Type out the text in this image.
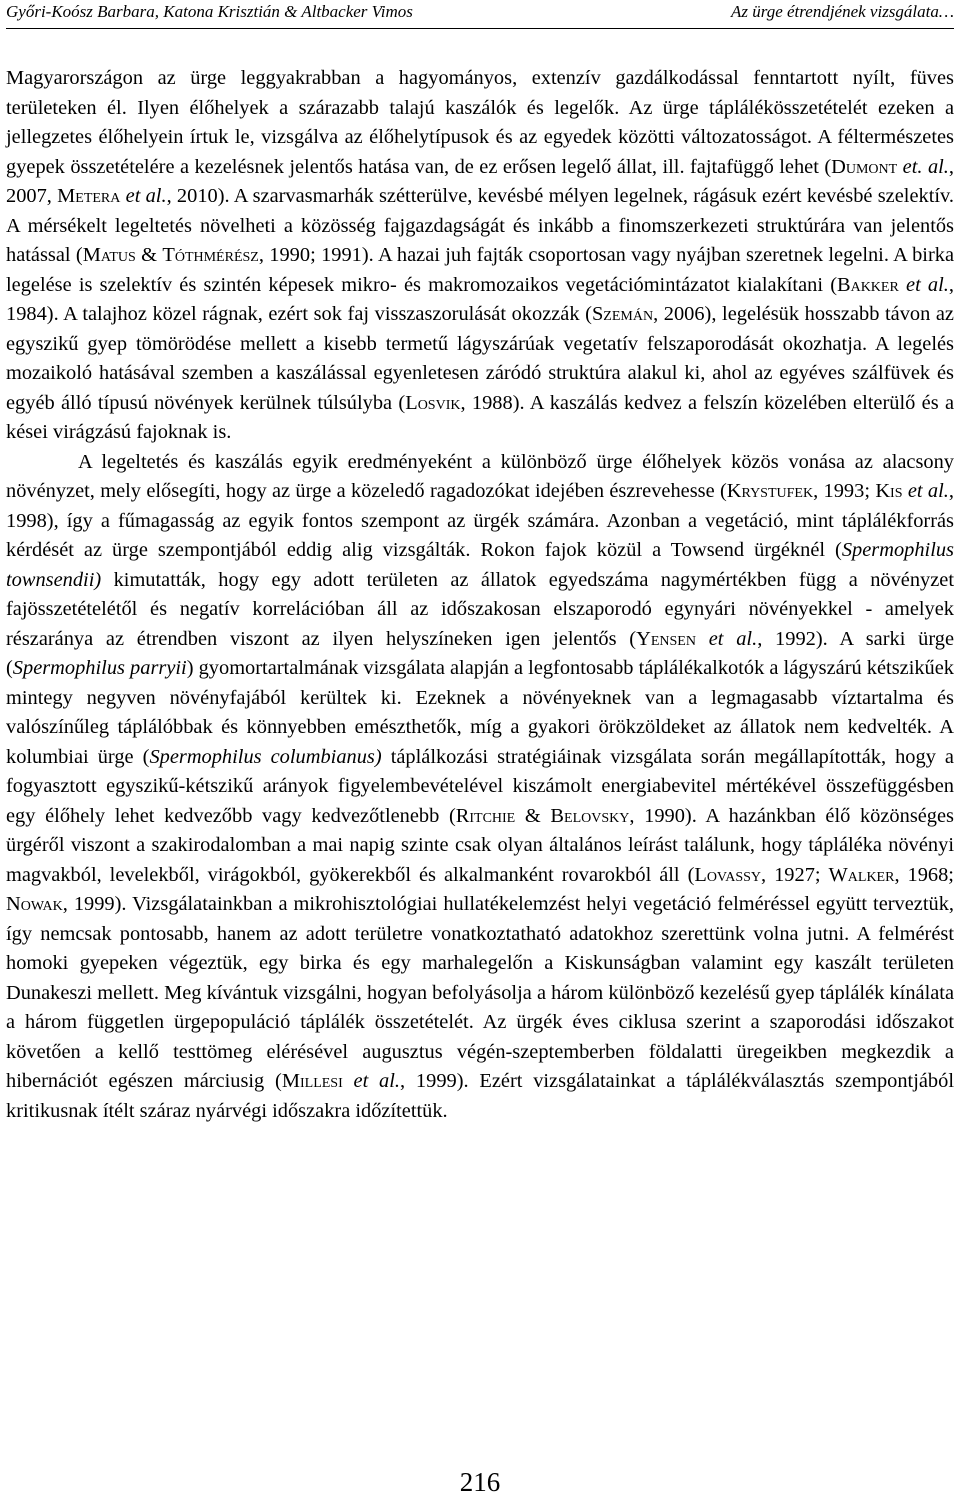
Győri-Koósz Barbara, Katona Krisztián & Altbacker Vimos	Az ürge étrendjének vizsgálata…

Magyarországon az ürge leggyakrabban a hagyományos, extenzív gazdálkodással fenntartott nyílt, füves területeken él. Ilyen élőhelyek a szárazabb talajú kaszálók és legelők. Az ürge táplálékösszetételét ezeken a jellegzetes élőhelyein írtuk le, vizsgálva az élőhelytípusok és az egyedek közötti változatosságot. A féltermészetes gyepek összetételére a kezelésnek jelentős hatása van, de ez erősen legelő állat, ill. fajtafüggő lehet (Dumont et. al., 2007, Metera et al., 2010). A szarvasmarhák szétterülve, kevésbé mélyen legelnek, rágásuk ezért kevésbé szelektív. A mérsékelt legeltetés növelheti a közösség fajgazdagságát és inkább a finomszerkezeti struktúrára van jelentős hatással (Matus & Tóthmérész, 1990; 1991). A hazai juh fajták csoportosan vagy nyájban szeretnek legelni. A birka legelése is szelektív és szintén képesek mikro- és makromozaikos vegetációmintázatot kialakítani (Bakker et al., 1984). A talajhoz közel rágnak, ezért sok faj visszaszorulását okozzák (Szemán, 2006), legelésük hosszabb távon az egyszikű gyep tömörödése mellett a kisebb termetű lágyszárúak vegetatív felszaporodását okozhatja. A legelés mozaikoló hatásával szemben a kaszálással egyenletesen záródó struktúra alakul ki, ahol az egyéves szálfüvek és egyéb álló típusú növények kerülnek túlsúlyba (Losvik, 1988). A kaszálás kedvez a felszín közelében elterülő és a kései virágzású fajoknak is.

A legeltetés és kaszálás egyik eredményeként a különböző ürge élőhelyek közös vonása az alacsony növényzet, mely elősegíti, hogy az ürge a közeledő ragadozókat idejében észrevehesse (Krystufek, 1993; Kis et al., 1998), így a fűmagasság az egyik fontos szempont az ürgék számára. Azonban a vegetáció, mint táplálékforrás kérdését az ürge szempontjából eddig alig vizsgálták. Rokon fajok közül a Towsend ürgéknél (Spermophilus townsendii) kimutatták, hogy egy adott területen az állatok egyedszáma nagymértékben függ a növényzet fajösszetételétől és negatív korrelációban áll az időszakosan elszaporodó egynyári növényekkel - amelyek részaránya az étrendben viszont az ilyen helyszíneken igen jelentős (Yensen et al., 1992). A sarki ürge (Spermophilus parryii) gyomortartalmának vizsgálata alapján a legfontosabb táplálékalkotók a lágyszárú kétszikűek mintegy negyven növényfajából kerültek ki. Ezeknek a növényeknek van a legmagasabb víztartalma és valószínűleg táplálóbbak és könnyebben emészthetők, míg a gyakori örökzöldeket az állatok nem kedvelték. A kolumbiai ürge (Spermophilus columbianus) táplálkozási stratégiáinak vizsgálata során megállapították, hogy a fogyasztott egyszikű-kétszikű arányok figyelembevételével kiszámolt energiabevitel mértékével összefüggésben egy élőhely lehet kedvezőbb vagy kedvezőtlenebb (Ritchie & Belovsky, 1990). A hazánkban élő közönséges ürgéről viszont a szakirodalomban a mai napig szinte csak olyan általános leírást találunk, hogy tápláléka növényi magvakból, levelekből, virágokból, gyökerekből és alkalmanként rovarokból áll (Lovassy, 1927; Walker, 1968; Nowak, 1999). Vizsgálatainkban a mikrohisztológiai hullatékelemzést helyi vegetáció felméréssel együtt terveztük, így nemcsak pontosabb, hanem az adott területre vonatkoztatható adatokhoz szerettünk volna jutni. A felmérést homoki gyepeken végeztük, egy birka és egy marhalegelőn a Kiskunságban valamint egy kaszált területen Dunakeszi mellett. Meg kívántuk vizsgálni, hogyan befolyásolja a három különböző kezelésű gyep táplálék kínálata a három független ürgepopuláció táplálék összetételét. Az ürgék éves ciklusa szerint a szaporodási időszakot követően a kellő testtömeg elérésével augusztus végén-szeptemberben földalatti üregeikben megkezdik a hibernációt egészen márciusig (Millesi et al., 1999). Ezért vizsgálatainkat a táplálékválasztás szempontjából kritikusnak ítélt száraz nyárvégi időszakra időzítettük.

216
